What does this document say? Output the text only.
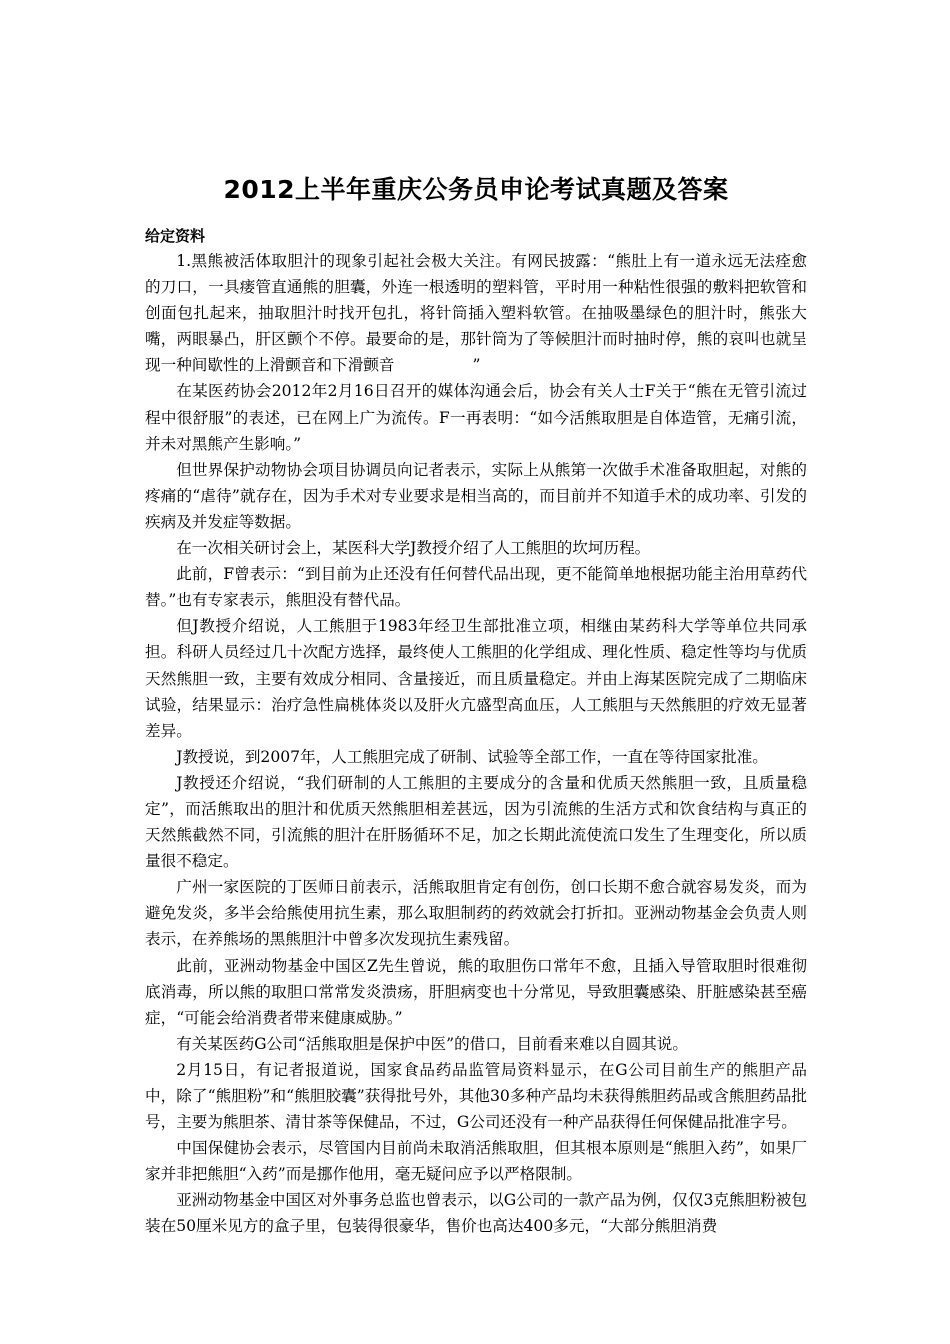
2012上半年重庆公务员申论考试真题及答案

给定资料

1.黑熊被活体取胆汁的现象引起社会极大关注。有网民披露：“熊肚上有一道永远无法痊愈的刀口，一具瘘管直通熊的胆囊，外连一根透明的塑料管，平时用一种粘性很强的敷料把软管和创面包扎起来，抽取胆汁时找开包扎，将针筒插入塑料软管。在抽吸墨绿色的胆汁时，熊张大嘴，两眼暴凸，肝区颤个不停。最要命的是，那针筒为了等候胆汁而时抽时停，熊的哀叫也就呈现一种间歇性的上滑颤音和下滑颤音　　　　　”

在某医药协会2012年2月16日召开的媒体沟通会后，协会有关人士F关于“熊在无管引流过程中很舒服”的表述，已在网上广为流传。F一再表明：“如今活熊取胆是自体造管，无痛引流，并未对黑熊产生影响。”

但世界保护动物协会项目协调员向记者表示，实际上从熊第一次做手术准备取胆起，对熊的疼痛的“虐待”就存在，因为手术对专业要求是相当高的，而目前并不知道手术的成功率、引发的疾病及并发症等数据。

在一次相关研讨会上，某医科大学J教授介绍了人工熊胆的坎坷历程。

此前，F曾表示：“到目前为止还没有任何替代品出现，更不能简单地根据功能主治用草药代替。”也有专家表示，熊胆没有替代品。

但J教授介绍说，人工熊胆于1983年经卫生部批准立项，相继由某药科大学等单位共同承担。科研人员经过几十次配方选择，最终使人工熊胆的化学组成、理化性质、稳定性等均与优质天然熊胆一致，主要有效成分相同、含量接近，而且质量稳定。并由上海某医院完成了二期临床试验，结果显示：治疗急性扁桃体炎以及肝火亢盛型高血压，人工熊胆与天然熊胆的疗效无显著差异。

J教授说，到2007年，人工熊胆完成了研制、试验等全部工作，一直在等待国家批准。

J教授还介绍说，“我们研制的人工熊胆的主要成分的含量和优质天然熊胆一致，且质量稳定”，而活熊取出的胆汁和优质天然熊胆相差甚远，因为引流熊的生活方式和饮食结构与真正的天然熊截然不同，引流熊的胆汁在肝肠循环不足，加之长期此流使流口发生了生理变化，所以质量很不稳定。

广州一家医院的丁医师日前表示，活熊取胆肯定有创伤，创口长期不愈合就容易发炎，而为避免发炎，多半会给熊使用抗生素，那么取胆制药的药效就会打折扣。亚洲动物基金会负责人则表示，在养熊场的黑熊胆汁中曾多次发现抗生素残留。

此前，亚洲动物基金中国区Z先生曾说，熊的取胆伤口常年不愈，且插入导管取胆时很难彻底消毒，所以熊的取胆口常常发炎溃疡，肝胆病变也十分常见，导致胆囊感染、肝脏感染甚至癌症，“可能会给消费者带来健康威胁。”

有关某医药G公司“活熊取胆是保护中医”的借口，目前看来难以自圆其说。

2月15日，有记者报道说，国家食品药品监管局资料显示，在G公司目前生产的熊胆产品中，除了“熊胆粉”和“熊胆胶囊”获得批号外，其他30多种产品均未获得熊胆药品或含熊胆药品批号，主要为熊胆茶、清甘茶等保健品，不过，G公司还没有一种产品获得任何保健品批准字号。

中国保健协会表示，尽管国内目前尚未取消活熊取胆，但其根本原则是“熊胆入药”，如果厂家并非把熊胆“入药”而是挪作他用，毫无疑问应予以严格限制。

亚洲动物基金中国区对外事务总监也曾表示，以G公司的一款产品为例，仅仅3克熊胆粉被包装在50厘米见方的盒子里，包装得很豪华，售价也高达400多元，“大部分熊胆消费
